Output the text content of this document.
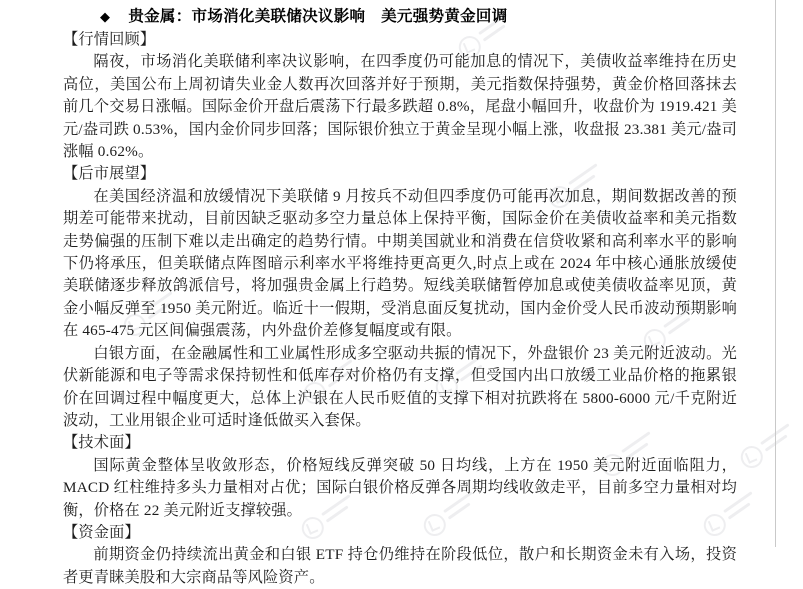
◆ 贵金属：市场消化美联储决议影响　美元强势黄金回调
【行情回顾】

隔夜，市场消化美联储利率决议影响，在四季度仍可能加息的情况下，美债收益率维持在历史高位，美国公布上周初请失业金人数再次回落并好于预期，美元指数保持强势，黄金价格回落抹去前几个交易日涨幅。国际金价开盘后震荡下行最多跌超 0.8%，尾盘小幅回升，收盘价为 1919.421 美元/盎司跌 0.53%，国内金价同步回落；国际银价独立于黄金呈现小幅上涨，收盘报 23.381 美元/盎司涨幅 0.62%。

【后市展望】

在美国经济温和放缓情况下美联储 9 月按兵不动但四季度仍可能再次加息，期间数据改善的预期差可能带来扰动，目前因缺乏驱动多空力量总体上保持平衡，国际金价在美债收益率和美元指数走势偏强的压制下难以走出确定的趋势行情。中期美国就业和消费在信贷收紧和高利率水平的影响下仍将承压，但美联储点阵图暗示利率水平将维持更高更久,时点上或在 2024 年中核心通胀放缓使美联储逐步释放鸽派信号，将加强贵金属上行趋势。短线美联储暂停加息或使美债收益率见顶，黄金小幅反弹至 1950 美元附近。临近十一假期，受消息面反复扰动，国内金价受人民币波动预期影响在 465-475 元区间偏强震荡，内外盘价差修复幅度或有限。

白银方面，在金融属性和工业属性形成多空驱动共振的情况下，外盘银价 23 美元附近波动。光伏新能源和电子等需求保持韧性和低库存对价格仍有支撑，但受国内出口放缓工业品价格的拖累银价在回调过程中幅度更大，总体上沪银在人民币贬值的支撑下相对抗跌将在 5800-6000 元/千克附近波动，工业用银企业可适时逢低做买入套保。

【技术面】

国际黄金整体呈收敛形态，价格短线反弹突破 50 日均线，上方在 1950 美元附近面临阻力，MACD 红柱维持多头力量相对占优；国际白银价格反弹各周期均线收敛走平，目前多空力量相对均衡，价格在 22 美元附近支撑较强。

【资金面】

前期资金仍持续流出黄金和白银 ETF 持仓仍维持在阶段低位，散户和长期资金未有入场，投资者更青睐美股和大宗商品等风险资产。
